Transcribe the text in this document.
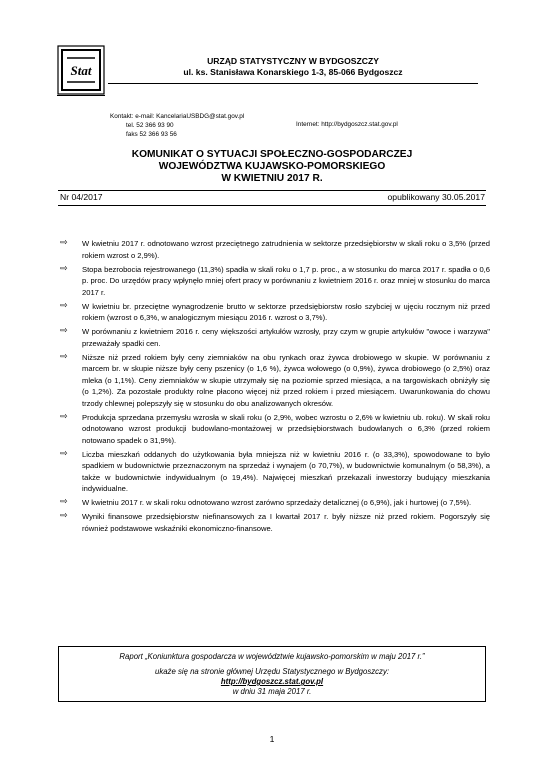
Stat
URZĄD STATYSTYCZNY W BYDGOSZCZY
ul. ks. Stanisława Konarskiego 1-3, 85-066 Bydgoszcz
Kontakt: e-mail: KancelariaUSBDG@stat.gov.pl
tel. 52 366 93 90
faks 52 366 93 56
Internet: http://bydgoszcz.stat.gov.pl
KOMUNIKAT O SYTUACJI SPOŁECZNO-GOSPODARCZEJ
WOJEWÓDZTWA KUJAWSKO-POMORSKIEGO
W KWIETNIU 2017 R.
Nr 04/2017	opublikowany 30.05.2017
⇨ W kwietniu 2017 r. odnotowano wzrost przeciętnego zatrudnienia w sektorze przedsiębiorstw w skali roku o 3,5% (przed rokiem wzrost o 2,9%).
⇨ Stopa bezrobocia rejestrowanego (11,3%) spadła w skali roku o 1,7 p. proc., a w stosunku do marca 2017 r. spadła o 0,6 p. proc. Do urzędów pracy wpłynęło mniej ofert pracy w porównaniu z kwietniem 2016 r. oraz mniej w stosunku do marca 2017 r.
⇨ W kwietniu br. przeciętne wynagrodzenie brutto w sektorze przedsiębiorstw rosło szybciej w ujęciu rocznym niż przed rokiem (wzrost o 6,3%, w analogicznym miesiącu 2016 r. wzrost o 3,7%).
⇨ W porównaniu z kwietniem 2016 r. ceny większości artykułów wzrosły, przy czym w grupie artykułów "owoce i warzywa" przeważały spadki cen.
⇨ Niższe niż przed rokiem były ceny ziemniaków na obu rynkach oraz żywca drobiowego w skupie. W porównaniu z marcem br. w skupie niższe były ceny pszenicy (o 1,6 %), żywca wołowego (o 0,9%), żywca drobiowego (o 2,5%) oraz mleka (o 1,1%). Ceny ziemniaków w skupie utrzymały się na poziomie sprzed miesiąca, a na targowiskach obniżyły się (o 1,2%). Za pozostałe produkty rolne płacono więcej niż przed rokiem i przed miesiącem. Uwarunkowania do chowu trzody chlewnej polepszyły się w stosunku do obu analizowanych okresów.
⇨ Produkcja sprzedana przemysłu wzrosła w skali roku (o 2,9%, wobec wzrostu o 2,6% w kwietniu ub. roku). W skali roku odnotowano wzrost produkcji budowlano-montażowej w przedsiębiorstwach budowlanych o 6,3% (przed rokiem notowano spadek o 31,9%).
⇨ Liczba mieszkań oddanych do użytkowania była mniejsza niż w kwietniu 2016 r. (o 33,3%), spowodowane to było spadkiem w budownictwie przeznaczonym na sprzedaż i wynajem (o 70,7%), w budownictwie komunalnym (o 58,3%), a także w budownictwie indywidualnym (o 19,4%). Najwięcej mieszkań przekazali inwestorzy budujący mieszkania indywidualne.
⇨ W kwietniu 2017 r. w skali roku odnotowano wzrost zarówno sprzedaży detalicznej (o 6,9%), jak i hurtowej (o 7,5%).
⇨ Wyniki finansowe przedsiębiorstw niefinansowych za I kwartał 2017 r. były niższe niż przed rokiem. Pogorszyły się również podstawowe wskaźniki ekonomiczno-finansowe.
Raport „Koniunktura gospodarcza w województwie kujawsko-pomorskim w maju 2017 r.”
ukaże się na stronie głównej Urzędu Statystycznego w Bydgoszczy:
http://bydgoszcz.stat.gov.pl
w dniu 31 maja 2017 r.
1
